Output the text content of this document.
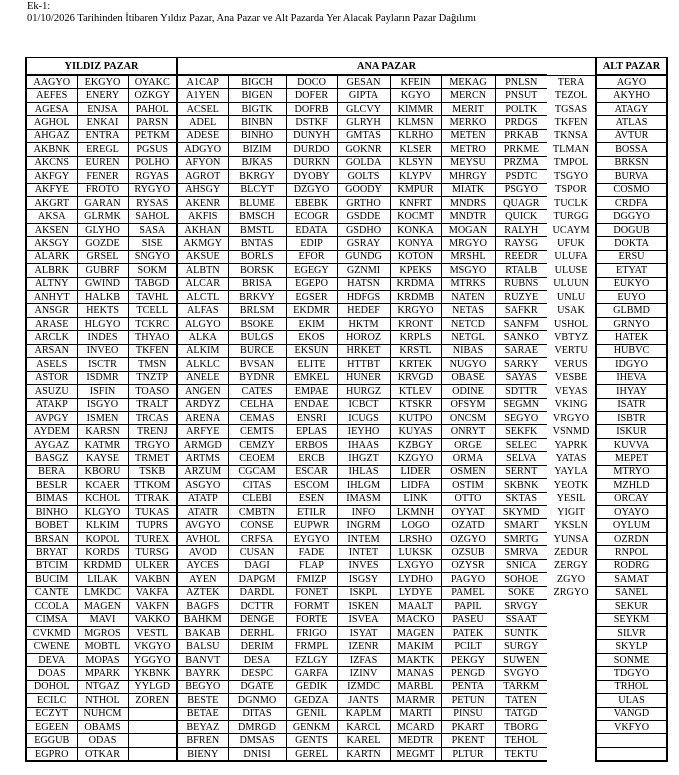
Ek-1:
01/10/2026 Tarihinden İtibaren Yıldız Pazar, Ana Pazar ve Alt Pazarda Yer Alacak Payların Pazar Dağılımı
YILDIZ PAZAR			ANA PAZAR								ALT PAZAR
AAGYO	EKGYO	OYAKC	A1CAP	BIGCH	DOCO	GESAN	KFEIN	MEKAG	PNLSN	TERA	AGYO
AEFES	ENERY	OZKGY	A1YEN	BIGEN	DOFER	GIPTA	KGYO	MERCN	PNSUT	TEZOL	AKYHO
AGESA	ENJSA	PAHOL	ACSEL	BIGTK	DOFRB	GLCVY	KIMMR	MERIT	POLTK	TGSAS	ATAGY
AGHOL	ENKAI	PARSN	ADEL	BINBN	DSTKF	GLRYH	KLMSN	MERKO	PRDGS	TKFEN	ATLAS
AHGAZ	ENTRA	PETKM	ADESE	BINHO	DUNYH	GMTAS	KLRHO	METEN	PRKAB	TKNSA	AVTUR
AKBNK	EREGL	PGSUS	ADGYO	BIZIM	DURDO	GOKNR	KLSER	METRO	PRKME	TLMAN	BOSSA
AKCNS	EUREN	POLHO	AFYON	BJKAS	DURKN	GOLDA	KLSYN	MEYSU	PRZMA	TMPOL	BRKSN
AKFGY	FENER	RGYAS	AGROT	BKRGY	DYOBY	GOLTS	KLYPV	MHRGY	PSDTC	TSGYO	BURVA
AKFYE	FROTO	RYGYO	AHSGY	BLCYT	DZGYO	GOODY	KMPUR	MIATK	PSGYO	TSPOR	COSMO
AKGRT	GARAN	RYSAS	AKENR	BLUME	EBEBK	GRTHO	KNFRT	MNDRS	QUAGR	TUCLK	CRDFA
AKSA	GLRMK	SAHOL	AKFIS	BMSCH	ECOGR	GSDDE	KOCMT	MNDTR	QUICK	TURGG	DGGYO
AKSEN	GLYHO	SASA	AKHAN	BMSTL	EDATA	GSDHO	KONKA	MOGAN	RALYH	UCAYM	DOGUB
AKSGY	GOZDE	SISE	AKMGY	BNTAS	EDIP	GSRAY	KONYA	MRGYO	RAYSG	UFUK	DOKTA
ALARK	GRSEL	SNGYO	AKSUE	BORLS	EFOR	GUNDG	KOTON	MRSHL	REEDR	ULUFA	ERSU
ALBRK	GUBRF	SOKM	ALBTN	BORSK	EGEGY	GZNMI	KPEKS	MSGYO	RTALB	ULUSE	ETYAT
ALTNY	GWIND	TABGD	ALCAR	BRISA	EGEPO	HATSN	KRDMA	MTRKS	RUBNS	ULUUN	EUKYO
ANHYT	HALKB	TAVHL	ALCTL	BRKVY	EGSER	HDFGS	KRDMB	NATEN	RUZYE	UNLU	EUYO
ANSGR	HEKTS	TCELL	ALFAS	BRLSM	EKDMR	HEDEF	KRGYO	NETAS	SAFKR	USAK	GLBMD
ARASE	HLGYO	TCKRC	ALGYO	BSOKE	EKIM	HKTM	KRONT	NETCD	SANFM	USHOL	GRNYO
ARCLK	INDES	THYAO	ALKA	BULGS	EKOS	HOROZ	KRPLS	NETGL	SANKO	VBTYZ	HATEK
ARSAN	INVEO	TKFEN	ALKIM	BURCE	EKSUN	HRKET	KRSTL	NIBAS	SARAE	VERTU	HUBVC
ASELS	ISCTR	TMSN	ALKLC	BVSAN	ELITE	HTTBT	KRTEK	NUGYO	SARKY	VERUS	IDGYO
ASTOR	ISDMR	TNZTP	ANELE	BYDNR	EMKEL	HUNER	KRVGD	OBASE	SAYAS	VESBE	IHEVA
ASUZU	ISFIN	TOASO	ANGEN	CATES	EMPAE	HURGZ	KTLEV	ODINE	SDTTR	VEYAS	IHYAY
ATAKP	ISGYO	TRALT	ARDYZ	CELHA	ENDAE	ICBCT	KTSKR	OFSYM	SEGMN	VKING	ISATR
AVPGY	ISMEN	TRCAS	ARENA	CEMAS	ENSRI	ICUGS	KUTPO	ONCSM	SEGYO	VRGYO	ISBTR
AYDEM	KARSN	TRENJ	ARFYE	CEMTS	EPLAS	IEYHO	KUYAS	ONRYT	SEKFK	VSNMD	ISKUR
AYGAZ	KATMR	TRGYO	ARMGD	CEMZY	ERBOS	IHAAS	KZBGY	ORGE	SELEC	YAPRK	KUVVA
BASGZ	KAYSE	TRMET	ARTMS	CEOEM	ERCB	IHGZT	KZGYO	ORMA	SELVA	YATAS	MEPET
BERA	KBORU	TSKB	ARZUM	CGCAM	ESCAR	IHLAS	LIDER	OSMEN	SERNT	YAYLA	MTRYO
BESLR	KCAER	TTKOM	ASGYO	CITAS	ESCOM	IHLGM	LIDFA	OSTIM	SKBNK	YEOTK	MZHLD
BIMAS	KCHOL	TTRAK	ATATP	CLEBI	ESEN	IMASM	LINK	OTTO	SKTAS	YESIL	ORCAY
BINHO	KLGYO	TUKAS	ATATR	CMBTN	ETILR	INFO	LKMNH	OYYAT	SKYMD	YIGIT	OYAYO
BOBET	KLKIM	TUPRS	AVGYO	CONSE	EUPWR	INGRM	LOGO	OZATD	SMART	YKSLN	OYLUM
BRSAN	KOPOL	TUREX	AVHOL	CRFSA	EYGYO	INTEM	LRSHO	OZGYO	SMRTG	YUNSA	OZRDN
BRYAT	KORDS	TURSG	AVOD	CUSAN	FADE	INTET	LUKSK	OZSUB	SMRVA	ZEDUR	RNPOL
BTCIM	KRDMD	ULKER	AYCES	DAGI	FLAP	INVES	LXGYO	OZYSR	SNICA	ZERGY	RODRG
BUCIM	LILAK	VAKBN	AYEN	DAPGM	FMIZP	ISGSY	LYDHO	PAGYO	SOHOE	ZGYO	SAMAT
CANTE	LMKDC	VAKFA	AZTEK	DARDL	FONET	ISKPL	LYDYE	PAMEL	SOKE	ZRGYO	SANEL
CCOLA	MAGEN	VAKFN	BAGFS	DCTTR	FORMT	ISKEN	MAALT	PAPIL	SRVGY		SEKUR
CIMSA	MAVI	VAKKO	BAHKM	DENGE	FORTE	ISVEA	MACKO	PASEU	SSAAT		SEYKM
CVKMD	MGROS	VESTL	BAKAB	DERHL	FRIGO	ISYAT	MAGEN	PATEK	SUNTK		SILVR
CWENE	MOBTL	VKGYO	BALSU	DERIM	FRMPL	IZENR	MAKIM	PCILT	SURGY		SKYLP
DEVA	MOPAS	YGGYO	BANVT	DESA	FZLGY	IZFAS	MAKTK	PEKGY	SUWEN		SONME
DOAS	MPARK	YKBNK	BAYRK	DESPC	GARFA	IZINV	MANAS	PENGD	SVGYO		TDGYO
DOHOL	NTGAZ	YYLGD	BEGYO	DGATE	GEDIK	IZMDC	MARBL	PENTA	TARKM		TRHOL
ECILC	NTHOL	ZOREN	BESTE	DGNMO	GEDZA	JANTS	MARMR	PETUN	TATEN		ULAS
ECZYT	NUHCM		BETAE	DITAS	GENIL	KAPLM	MARTI	PINSU	TATGD		VANGD
EGEEN	OBAMS		BEYAZ	DMRGD	GENKM	KARCL	MCARD	PKART	TBORG		VKFYO
EGGUB	ODAS		BFREN	DMSAS	GENTS	KAREL	MEDTR	PKENT	TEHOL		
EGPRO	OTKAR		BIENY	DNISI	GEREL	KARTN	MEGMT	PLTUR	TEKTU		
